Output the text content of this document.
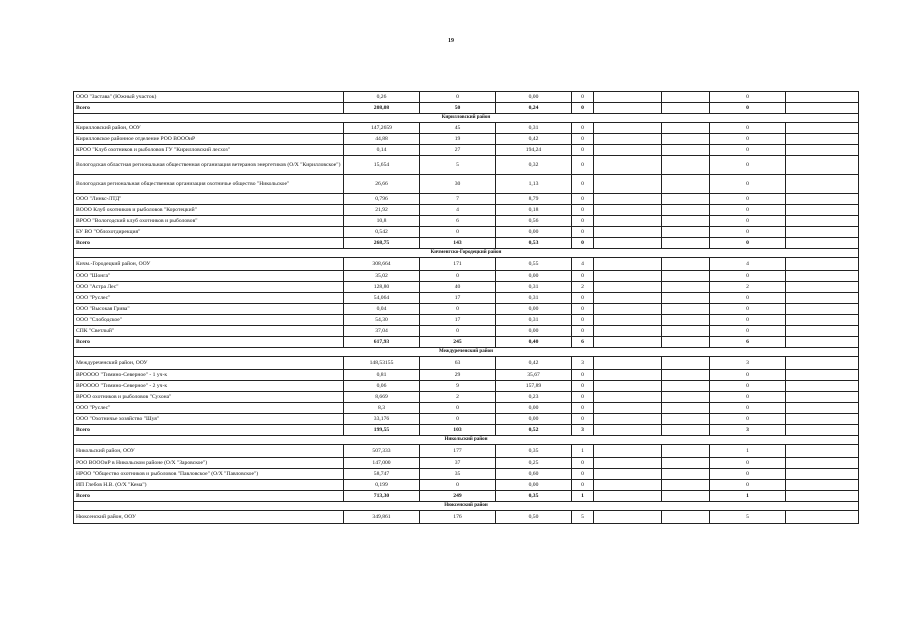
19
ООО "Застава" (Южный участок)	0,26	0	0,00	0			0	
Всего	208,08	50	0,24	0			0	
Кирилловский район								
Кирилловский район, ООУ	147,2659	45	0,31	0			0	
Кирилловское районное отделение РОО ВОООиР	44,88	19	0,42	0			0	
КРОО "Клуб охотников и рыболовов ГУ "Кирилловский лесхоз"	0,14	27	194,24	0			0	
Вологодская областная региональная общественная организация ветеранов энергетиков (О/Х "Кирилловское")	15,654	5	0,32	0			0	
Вологодская региональная общественная организация охотничье общество "Никольское"	26,66	30	1,13	0			0	
ООО "Линкс-ЛТД"	0,796	7	8,79	0			0	
ВООО Клуб охотников и рыболовов "Коротецкий"	21,92	4	0,18	0			0	
ВРОО "Вологодский клуб охотников и рыболовов"	10,8	6	0,56	0			0	
БУ ВО "Облохотдирекция"	0,542	0	0,00	0			0	
Всего	268,75	143	0,53	0			0	
Кичменгско-Городецкий район								
Кичм.-Городецкий район, ООУ	308,664	171	0,55	4			4	
ООО "Шонга"	35,02	0	0,00	0			0	
ООО "Астра Лес"	128,80	40	0,31	2			2	
ООО "Руслес"	54,064	17	0,31	0			0	
ООО "Высокая Грива"	0,04	0	0,00	0			0	
ООО "Слободское"	54,30	17	0,31	0			0	
СПК "Светлый"	37,04	0	0,00	0			0	
Всего	617,93	245	0,40	6			6	
Междуреченский район								
Междуреченский район, ООУ	148,53155	63	0,42	3			3	
ВРОООО "Тимино-Северное" - 1 уч-к	0,81	29	35,67	0			0	
ВРОООО "Тимино-Северное" - 2 уч-к	0,06	9	157,89	0			0	
ВРОО охотников и рыболовов "Сухона"	8,669	2	0,23	0			0	
ООО "Руслес"	8,3	0	0,00	0			0	
ООО "Охотничье хозяйство "Шуя"	33,176	0	0,00	0			0	
Всего	199,55	103	0,52	3			3	
Никольский район								
Никольский район, ООУ	507,333	177	0,35	1			1	
РОО ВОООиР в Никольском районе (О/Х "Заровское")	147,000	37	0,25	0			0	
НРОО "Общество охотников и рыболовов "Павловское" (О/Х "Павловское")	58,747	35	0,60	0			0	
ИП Глебов Н.В. (О/Х "Кема")	0,199	0	0,00	0			0	
Всего	713,30	249	0,35	1			1	
Нюксенский район								
Нюксенский район, ООУ	349,861	176	0,50	5			5	
